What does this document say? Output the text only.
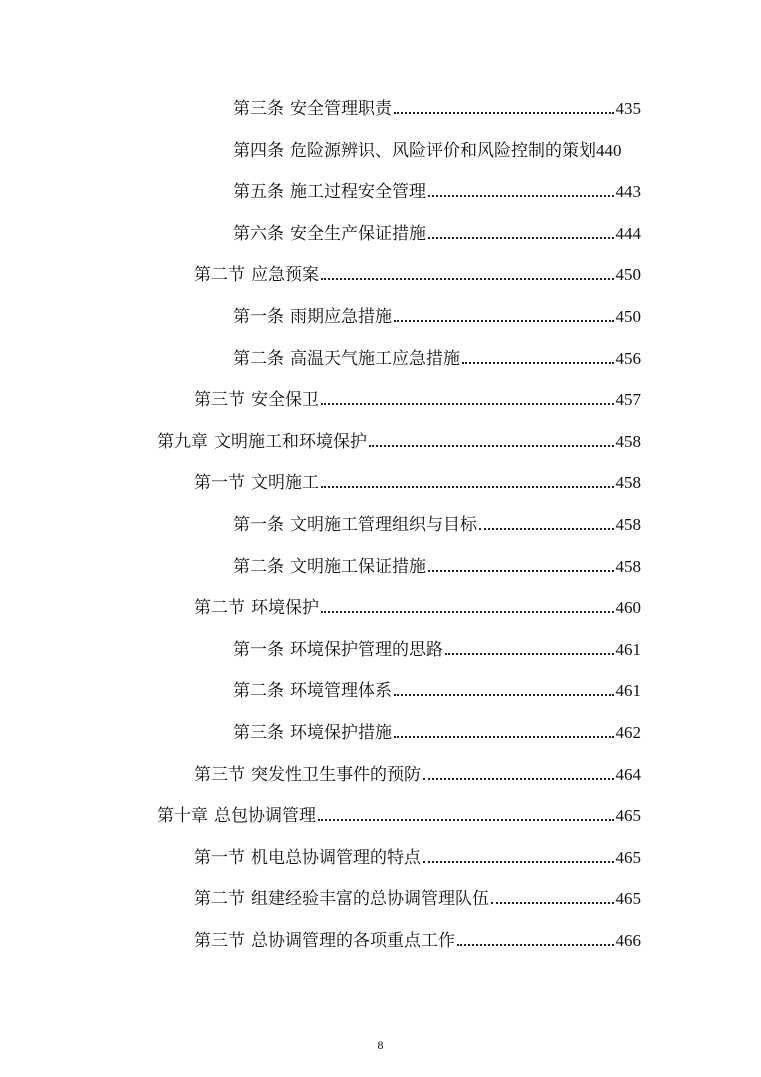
第三条 安全管理职责	435
第四条 危险源辨识、风险评价和风险控制的策划 440
第五条 施工过程安全管理	443
第六条 安全生产保证措施	444
第二节 应急预案	450
第一条 雨期应急措施	450
第二条 高温天气施工应急措施	456
第三节 安全保卫	457
第九章 文明施工和环境保护	458
第一节 文明施工	458
第一条 文明施工管理组织与目标	458
第二条 文明施工保证措施	458
第二节 环境保护	460
第一条 环境保护管理的思路	461
第二条 环境管理体系	461
第三条 环境保护措施	462
第三节 突发性卫生事件的预防	464
第十章 总包协调管理	465
第一节 机电总协调管理的特点	465
第二节 组建经验丰富的总协调管理队伍	465
第三节 总协调管理的各项重点工作	466
8
